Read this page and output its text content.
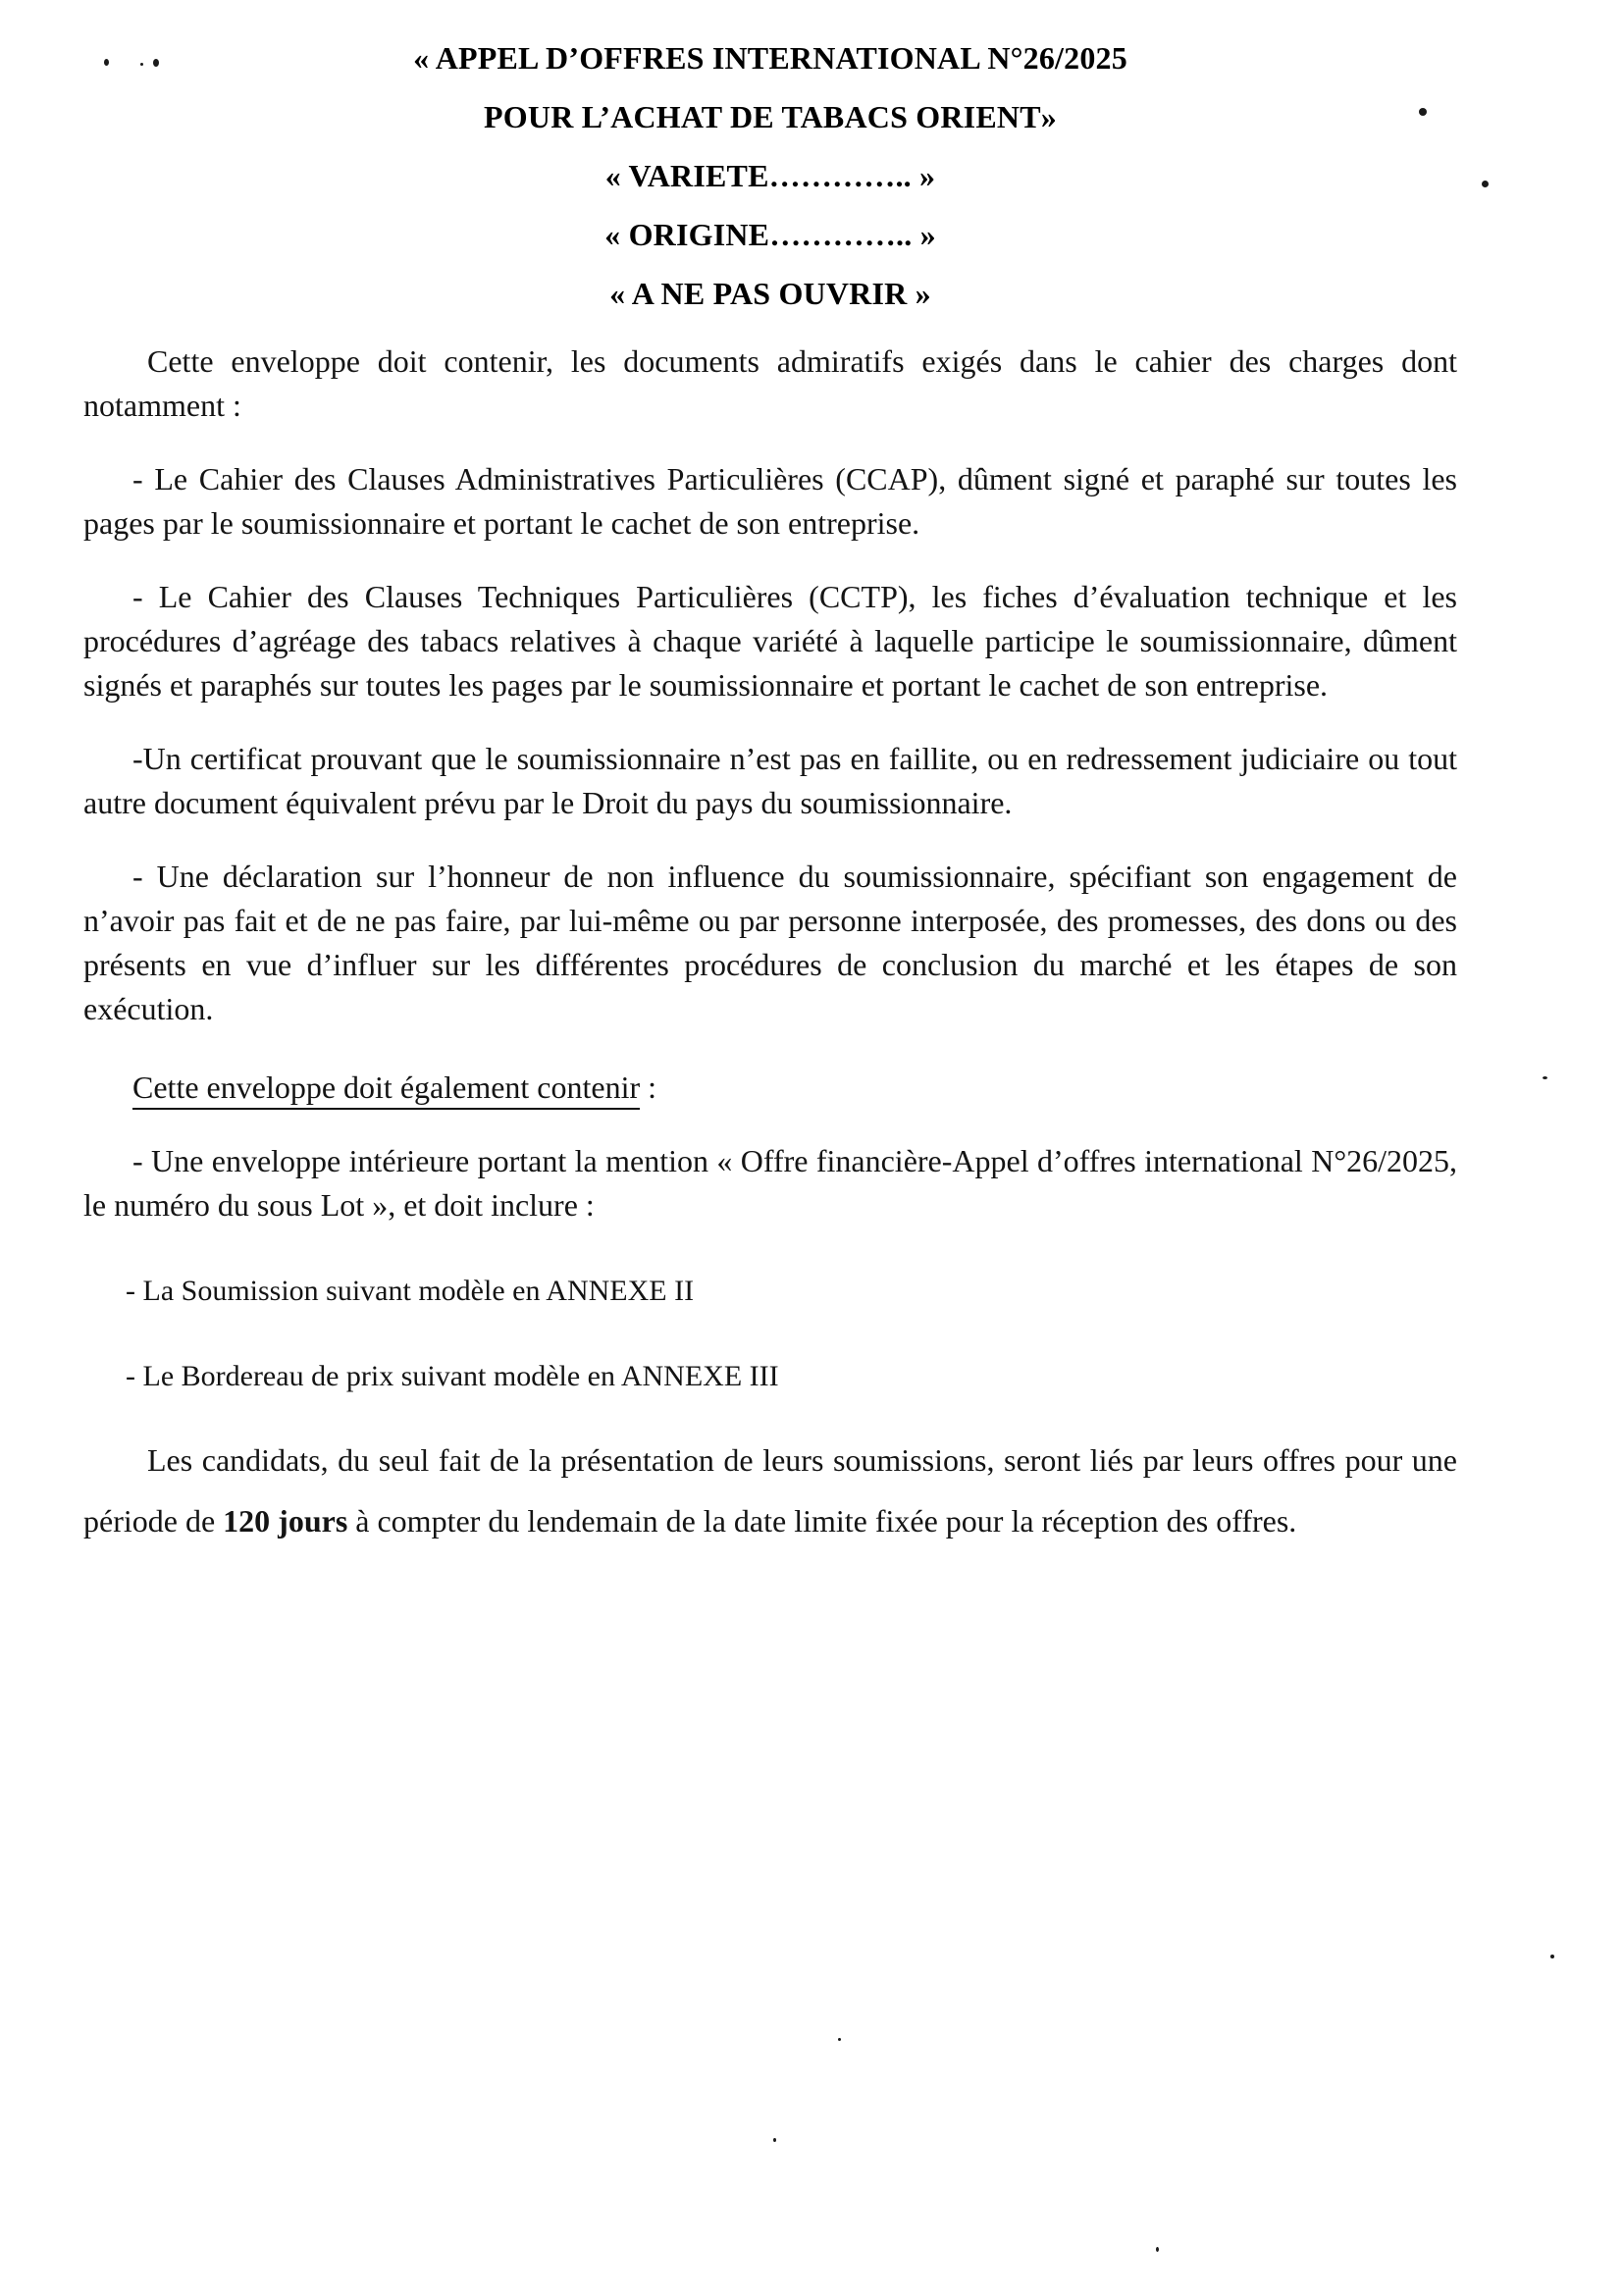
« APPEL D’OFFRES INTERNATIONAL N°26/2025
POUR L’ACHAT DE TABACS ORIENT»
« VARIETE………….. »
« ORIGINE………….. »
« A NE PAS OUVRIR »

Cette enveloppe doit contenir, les documents admiratifs exigés dans le cahier des charges dont notamment :

- Le Cahier des Clauses Administratives Particulières (CCAP), dûment signé et paraphé sur toutes les pages par le soumissionnaire et portant le cachet de son entreprise.

- Le Cahier des Clauses Techniques Particulières (CCTP), les fiches d’évaluation technique et les procédures d’agréage des tabacs relatives à chaque variété à laquelle participe le soumissionnaire, dûment signés et paraphés sur toutes les pages par le soumissionnaire et portant le cachet de son entreprise.

-Un certificat prouvant que le soumissionnaire n’est pas en faillite, ou en redressement judiciaire ou tout autre document équivalent prévu par le Droit du pays du soumissionnaire.

- Une déclaration sur l’honneur de non influence du soumissionnaire, spécifiant son engagement de n’avoir pas fait et de ne pas faire, par lui-même ou par personne interposée, des promesses, des dons ou des présents en vue d’influer sur les différentes procédures de conclusion du marché et les étapes de son exécution.

Cette enveloppe doit également contenir :

- Une enveloppe intérieure portant la mention « Offre financière-Appel d’offres international N°26/2025, le numéro du sous Lot », et doit inclure :

- La Soumission suivant modèle en ANNEXE II

- Le Bordereau de prix suivant modèle en ANNEXE III

Les candidats, du seul fait de la présentation de leurs soumissions, seront liés par leurs offres pour une période de 120 jours à compter du lendemain de la date limite fixée pour la réception des offres.
